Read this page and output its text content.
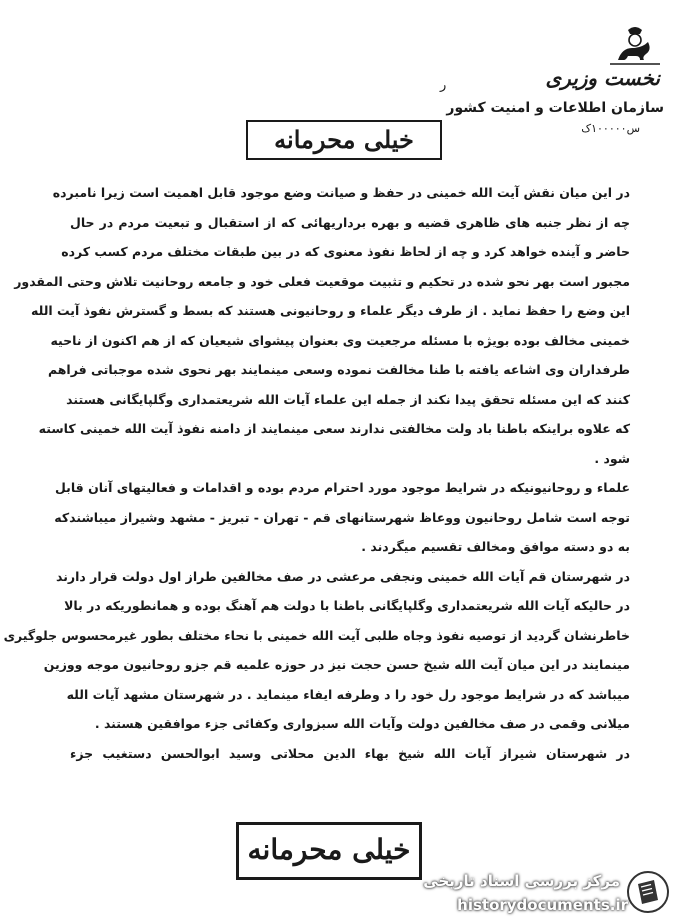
نخست وزیری
سازمان اطلاعات و امنیت کشور
س۱۰۰۰۰۰ک
ر
خیلی محرمانه
در این میان نقش آیت الله خمینی در حفظ و صیانت وضع موجود قابل اهمیت است زیرا نامبرده
چه از نظر جنبه های ظاهری قضیه و بهره برداریهائی که از استقبال و تبعیت مردم در حال
حاضر و آینده خواهد کرد و چه از لحاظ نفوذ معنوی که در بین طبقات مختلف مردم کسب کرده
مجبور است بهر نحو شده در تحکیم و تثبیت موقعیت فعلی خود و جامعه روحانیت تلاش وحتی المقدور
این وضع را حفظ نماید . از طرف دیگر علماء و روحانیونی هستند که بسط و گسترش نفوذ آیت الله
خمینی مخالف بوده بویژه با مسئله مرجعیت وی بعنوان پیشوای شیعیان که از هم اکنون از ناحیه
طرفداران وی اشاعه یافته با طنا مخالفت نموده وسعی مینمایند بهر نحوی شده موجباتی فراهم
کنند که این مسئله تحقق پیدا نکند از جمله این علماء آیات الله شریعتمداری وگلپایگانی هستند
که علاوه براینکه باطنا باد ولت مخالفتی ندارند سعی مینمایند از دامنه نفوذ آیت الله خمینی کاسته
شود .
علماء و روحانیونیکه در شرایط موجود مورد احترام مردم بوده و اقدامات و فعالیتهای آنان قابل
توجه است شامل روحانیون ووعاظ شهرستانهای قم - تهران - تبریز - مشهد وشیراز میباشندکه
به دو دسته موافق ومخالف تقسیم میگردند .
در شهرستان قم آیات الله خمینی ونجفی مرعشی در صف مخالفین طراز اول دولت قرار دارند
در حالیکه آیات الله شریعتمداری وگلپایگانی باطنا با دولت هم آهنگ بوده و همانطوریکه در بالا
خاطرنشان گردید از توصیه نفوذ وجاه طلبی آیت الله خمینی با نحاء مختلف بطور غیرمحسوس جلوگیری
مینمایند در این میان آیت الله شیخ حسن حجت نیز در حوزه علمیه قم جزو روحانیون موجه ووزین
میباشد که در شرایط موجود رل خود را د وطرفه ایفاء مینماید . در شهرستان مشهد آیات الله
میلانی وقمی در صف مخالفین دولت وآیات الله سبزواری وکفائی جزء موافقین هستند .
در شهرستان شیراز آیات الله شیخ بهاء الدین محلاتی وسید ابوالحسن دستغیب جزء
خیلی محرمانه
مرکز بررسی اسناد تاریخی
historydocuments.ir
